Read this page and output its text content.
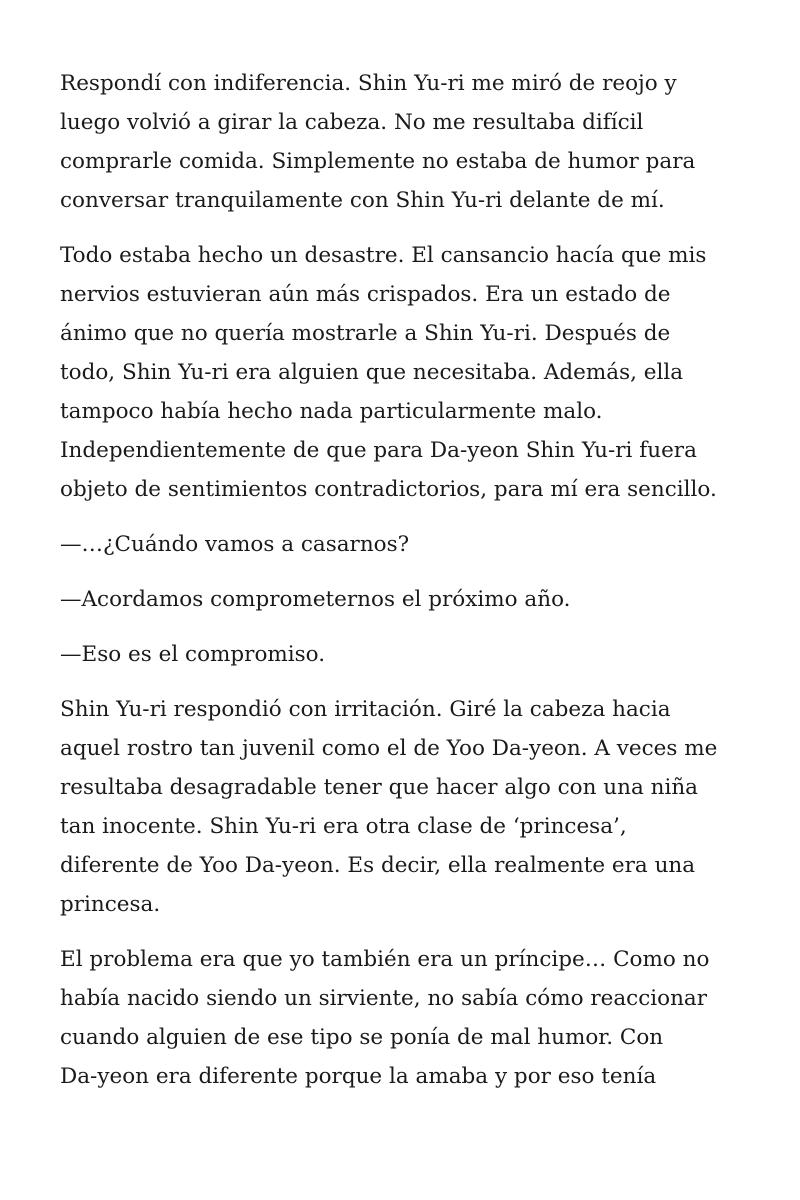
Respondí con indiferencia. Shin Yu-ri me miró de reojo y
luego volvió a girar la cabeza. No me resultaba difícil
comprarle comida. Simplemente no estaba de humor para
conversar tranquilamente con Shin Yu-ri delante de mí.

Todo estaba hecho un desastre. El cansancio hacía que mis
nervios estuvieran aún más crispados. Era un estado de
ánimo que no quería mostrarle a Shin Yu-ri. Después de
todo, Shin Yu-ri era alguien que necesitaba. Además, ella
tampoco había hecho nada particularmente malo.
Independientemente de que para Da-yeon Shin Yu-ri fuera
objeto de sentimientos contradictorios, para mí era sencillo.

—…¿Cuándo vamos a casarnos?

—Acordamos comprometernos el próximo año.

—Eso es el compromiso.

Shin Yu-ri respondió con irritación. Giré la cabeza hacia
aquel rostro tan juvenil como el de Yoo Da-yeon. A veces me
resultaba desagradable tener que hacer algo con una niña
tan inocente. Shin Yu-ri era otra clase de ‘princesa’,
diferente de Yoo Da-yeon. Es decir, ella realmente era una
princesa.

El problema era que yo también era un príncipe… Como no
había nacido siendo un sirviente, no sabía cómo reaccionar
cuando alguien de ese tipo se ponía de mal humor. Con
Da-yeon era diferente porque la amaba y por eso tenía
